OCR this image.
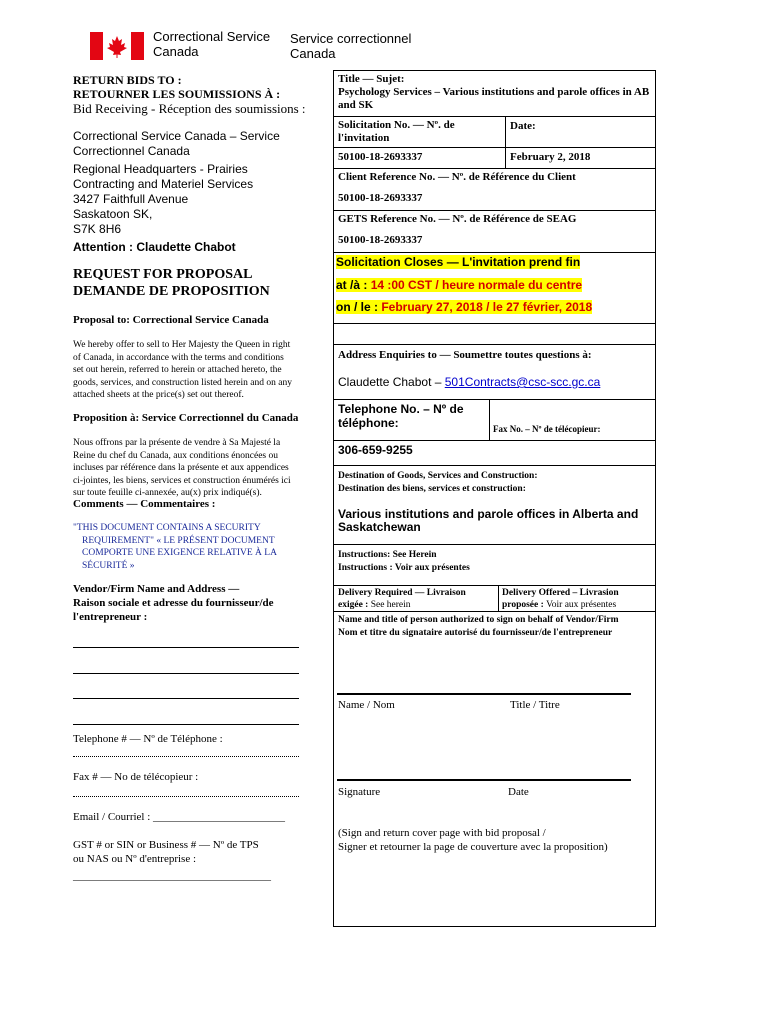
Correctional Service
Canada
Service correctionnel
Canada
RETURN BIDS TO :
RETOURNER LES SOUMISSIONS À :
Bid Receiving - Réception des soumissions :
Correctional Service Canada – Service
Correctionnel Canada
Regional Headquarters - Prairies
Contracting and Materiel Services
3427 Faithfull Avenue
Saskatoon SK,
S7K 8H6
Attention : Claudette Chabot
REQUEST FOR PROPOSAL
DEMANDE DE PROPOSITION
Proposal to: Correctional Service Canada
We hereby offer to sell to Her Majesty the Queen in right
of Canada, in accordance with the terms and conditions
set out herein, referred to herein or attached hereto, the
goods, services, and construction listed herein and on any
attached sheets at the price(s) set out thereof.
Proposition à: Service Correctionnel du Canada
Nous offrons par la présente de vendre à Sa Majesté la
Reine du chef du Canada, aux conditions énoncées ou
incluses par référence dans la présente et aux appendices
ci-jointes, les biens, services et construction énumérés ici
sur toute feuille ci-annexée, au(x) prix indiqué(s).
Comments — Commentaires :
"THIS DOCUMENT CONTAINS A SECURITY
REQUIREMENT" « LE PRÉSENT DOCUMENT
COMPORTE UNE EXIGENCE RELATIVE À LA
SÉCURITÉ »
Vendor/Firm Name and Address —
Raison sociale et adresse du fournisseur/de
l'entrepreneur :
Telephone # — Nº de Téléphone :
Fax # — No de télécopieur :
Email / Courriel : ________________________
GST # or SIN or Business # — Nº de TPS
ou NAS ou Nº d'entreprise :
____________________________________
Title — Sujet:
Psychology Services – Various institutions and parole offices in AB and SK
Solicitation No. — Nº. de
l'invitation
Date:
50100-18-2693337	February 2, 2018
Client Reference No. — Nº. de Référence du Client
50100-18-2693337
GETS Reference No. — Nº. de Référence de SEAG
50100-18-2693337
Solicitation Closes — L'invitation prend fin
at /à : 14 :00 CST / heure normale du centre
on / le : February 27, 2018 / le 27 février, 2018
Address Enquiries to — Soumettre toutes questions à:
Claudette Chabot – 501Contracts@csc-scc.gc.ca
Telephone No. – Nº de
téléphone:	Fax No. – Nº de télécopieur:
306-659-9255
Destination of Goods, Services and Construction:
Destination des biens, services et construction:
Various institutions and parole offices in Alberta and Saskatchewan
Instructions: See Herein
Instructions : Voir aux présentes
Delivery Required — Livraison
exigée : See herein
Delivery Offered – Livrasion
proposée : Voir aux présentes
Name and title of person authorized to sign on behalf of Vendor/Firm
Nom et titre du signataire autorisé du fournisseur/de l'entrepreneur
Name / Nom	Title / Titre
Signature	Date
(Sign and return cover page with bid proposal /
Signer et retourner la page de couverture avec la proposition)
